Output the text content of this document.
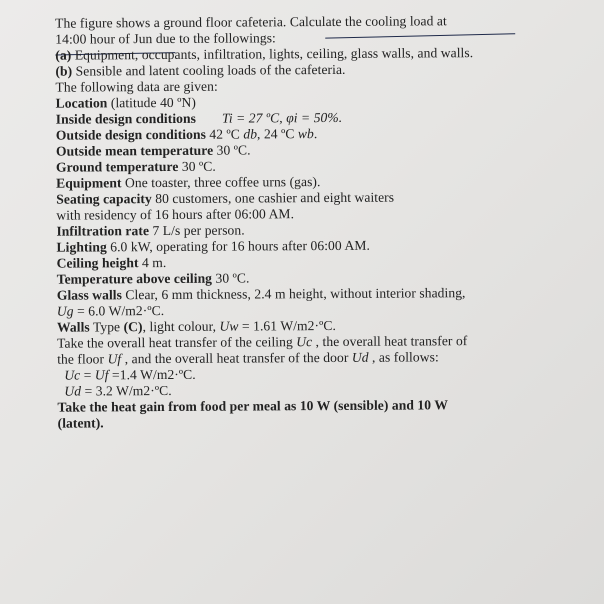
The figure shows a ground floor cafeteria. Calculate the cooling load at
14:00 hour of Jun due to the followings:
(a) Equipment, occupants, infiltration, lights, ceiling, glass walls, and walls.
(b) Sensible and latent cooling loads of the cafeteria.
The following data are given:
Location (latitude 40 ºN)
Inside design conditions Ti = 27 ºC, φi = 50%.
Outside design conditions 42 ºC db, 24 ºC wb.
Outside mean temperature 30 ºC.
Ground temperature 30 ºC.
Equipment One toaster, three coffee urns (gas).
Seating capacity 80 customers, one cashier and eight waiters
with residency of 16 hours after 06:00 AM.
Infiltration rate 7 L/s per person.
Lighting 6.0 kW, operating for 16 hours after 06:00 AM.
Ceiling height 4 m.
Temperature above ceiling 30 ºC.
Glass walls Clear, 6 mm thickness, 2.4 m height, without interior shading,
Ug = 6.0 W/m2·ºC.
Walls Type (C), light colour, Uw = 1.61 W/m2·ºC.
Take the overall heat transfer of the ceiling Uc , the overall heat transfer of
the floor Uf , and the overall heat transfer of the door Ud , as follows:
Uc = Uf =1.4 W/m2·ºC.
Ud = 3.2 W/m2·ºC.
Take the heat gain from food per meal as 10 W (sensible) and 10 W
(latent).
